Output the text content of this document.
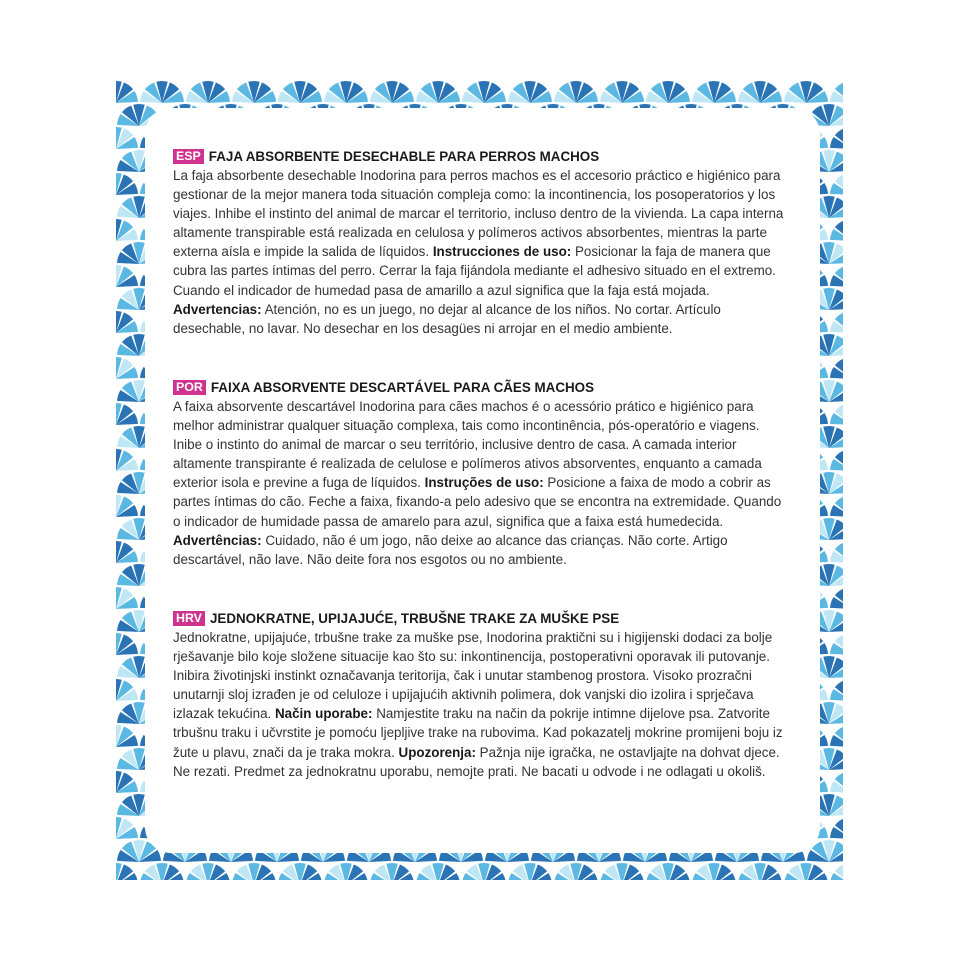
ESP FAJA ABSORBENTE DESECHABLE PARA PERROS MACHOS

La faja absorbente desechable Inodorina para perros machos es el accesorio práctico e higiénico para gestionar de la mejor manera toda situación compleja como: la incontinencia, los posoperatorios y los viajes. Inhibe el instinto del animal de marcar el territorio, incluso dentro de la vivienda. La capa interna altamente transpirable está realizada en celulosa y polímeros activos absorbentes, mientras la parte externa aísla e impide la salida de líquidos. Instrucciones de uso: Posicionar la faja de manera que cubra las partes íntimas del perro. Cerrar la faja fijándola mediante el adhesivo situado en el extremo. Cuando el indicador de humedad pasa de amarillo a azul significa que la faja está mojada. Advertencias: Atención, no es un juego, no dejar al alcance de los niños. No cortar. Artículo desechable, no lavar. No desechar en los desagües ni arrojar en el medio ambiente.

POR FAIXA ABSORVENTE DESCARTÁVEL PARA CÃES MACHOS

A faixa absorvente descartável Inodorina para cães machos é o acessório prático e higiénico para melhor administrar qualquer situação complexa, tais como incontinência, pós-operatório e viagens. Inibe o instinto do animal de marcar o seu território, inclusive dentro de casa. A camada interior altamente transpirante é realizada de celulose e polímeros ativos absorventes, enquanto a camada exterior isola e previne a fuga de líquidos. Instruções de uso: Posicione a faixa de modo a cobrir as partes íntimas do cão. Feche a faixa, fixando-a pelo adesivo que se encontra na extremidade. Quando o indicador de humidade passa de amarelo para azul, significa que a faixa está humedecida. Advertências: Cuidado, não é um jogo, não deixe ao alcance das crianças. Não corte. Artigo descartável, não lave. Não deite fora nos esgotos ou no ambiente.

HRV JEDNOKRATNE, UPIJAJUĆE, TRBUŠNE TRAKE ZA MUŠKE PSE

Jednokratne, upijajuće, trbušne trake za muške pse, Inodorina praktični su i higijenski dodaci za bolje rješavanje bilo koje složene situacije kao što su: inkontinencija, postoperativni oporavak ili putovanje. Inibira životinjski instinkt označavanja teritorija, čak i unutar stambenog prostora. Visoko prozračni unutarnji sloj izrađen je od celuloze i upijajućih aktivnih polimera, dok vanjski dio izolira i sprječava izlazak tekućina. Način uporabe: Namjestite traku na način da pokrije intimne dijelove psa. Zatvorite trbušnu traku i učvrstite je pomoću ljepljive trake na rubovima. Kad pokazatelj mokrine promijeni boju iz žute u plavu, znači da je traka mokra. Upozorenja: Pažnja nije igračka, ne ostavljajte na dohvat djece. Ne rezati. Predmet za jednokratnu uporabu, nemojte prati. Ne bacati u odvode i ne odlagati u okoliš.
